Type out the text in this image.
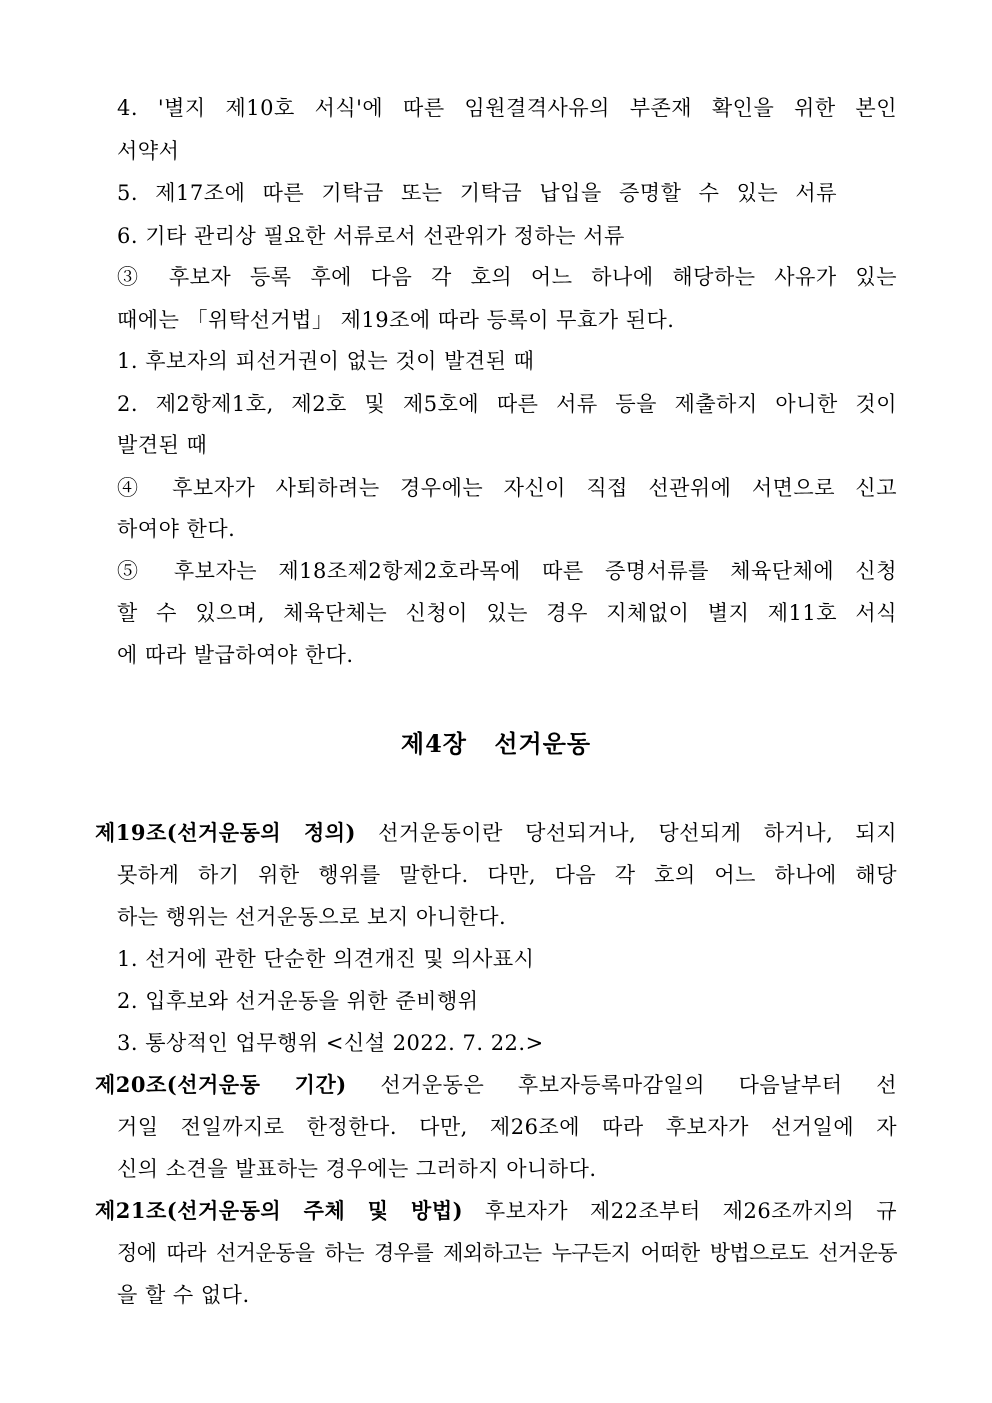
4. '별지 제10호 서식'에 따른 임원결격사유의 부존재 확인을 위한 본인
서약서
5. 제17조에 따른 기탁금 또는 기탁금 납입을 증명할 수 있는 서류
6. 기타 관리상 필요한 서류로서 선관위가 정하는 서류
③ 후보자 등록 후에 다음 각 호의 어느 하나에 해당하는 사유가 있는
때에는 「위탁선거법」 제19조에 따라 등록이 무효가 된다.
1. 후보자의 피선거권이 없는 것이 발견된 때
2. 제2항제1호, 제2호 및 제5호에 따른 서류 등을 제출하지 아니한 것이
발견된 때
④ 후보자가 사퇴하려는 경우에는 자신이 직접 선관위에 서면으로 신고
하여야 한다.
⑤ 후보자는 제18조제2항제2호라목에 따른 증명서류를 체육단체에 신청
할 수 있으며, 체육단체는 신청이 있는 경우 지체없이 별지 제11호 서식
에 따라 발급하여야 한다.
제4장 선거운동
제19조(선거운동의 정의) 선거운동이란 당선되거나, 당선되게 하거나, 되지
못하게 하기 위한 행위를 말한다. 다만, 다음 각 호의 어느 하나에 해당
하는 행위는 선거운동으로 보지 아니한다.
1. 선거에 관한 단순한 의견개진 및 의사표시
2. 입후보와 선거운동을 위한 준비행위
3. 통상적인 업무행위 <신설 2022. 7. 22.>
제20조(선거운동 기간) 선거운동은 후보자등록마감일의 다음날부터 선
거일 전일까지로 한정한다. 다만, 제26조에 따라 후보자가 선거일에 자
신의 소견을 발표하는 경우에는 그러하지 아니하다.
제21조(선거운동의 주체 및 방법) 후보자가 제22조부터 제26조까지의 규
정에 따라 선거운동을 하는 경우를 제외하고는 누구든지 어떠한 방법으로도 선거운동
을 할 수 없다.
